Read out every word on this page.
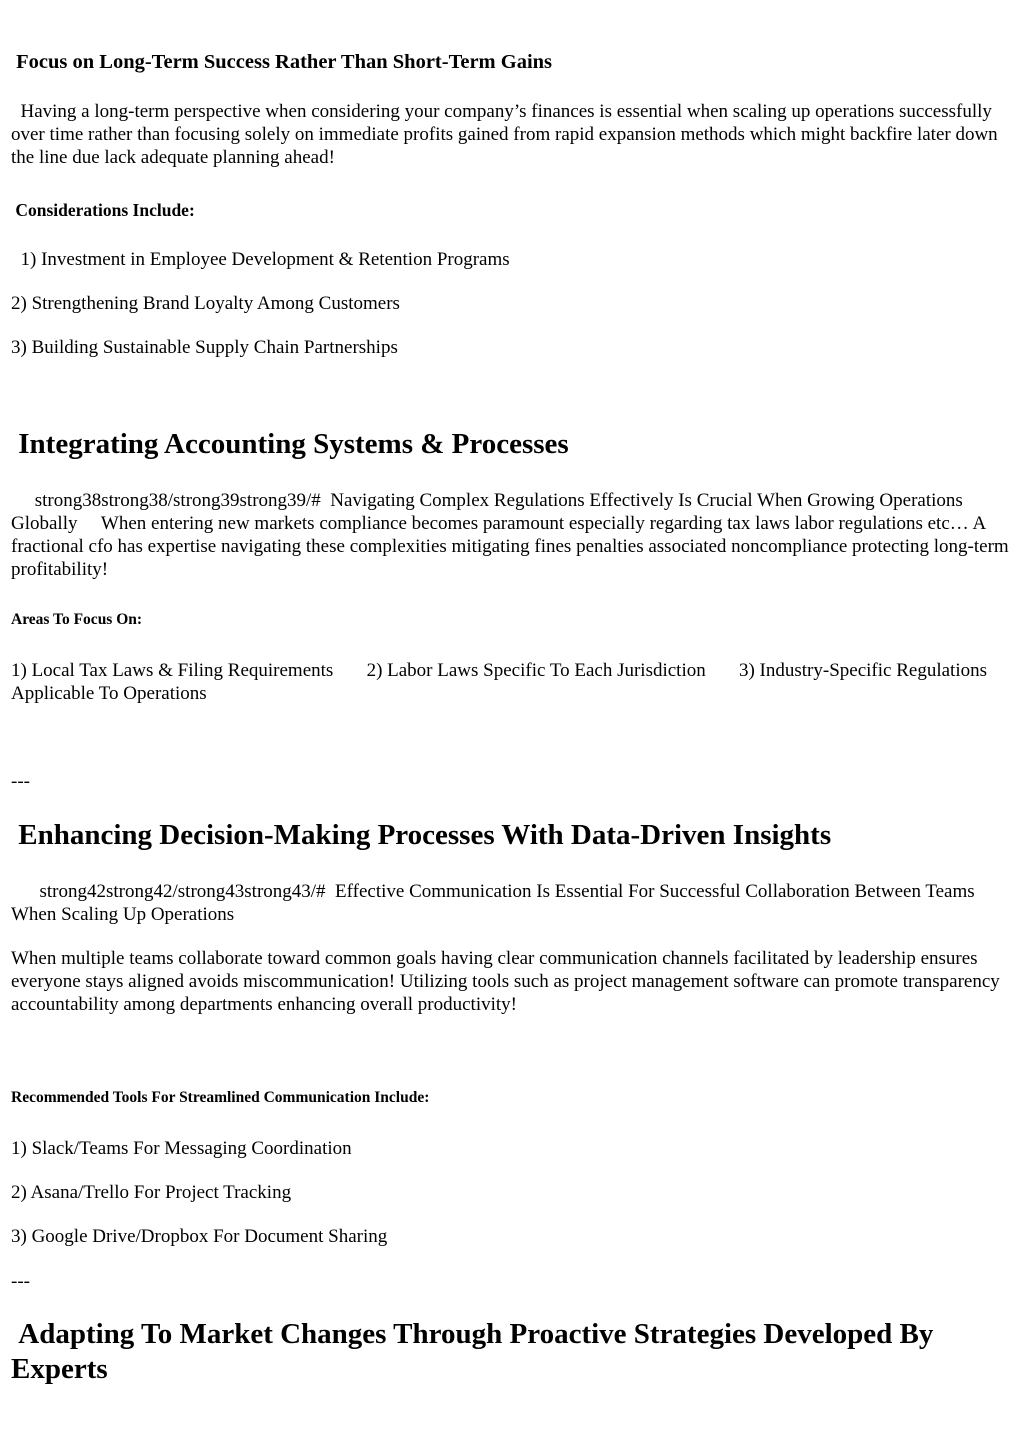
Focus on Long-Term Success Rather Than Short-Term Gains
Having a long-term perspective when considering your company’s finances is essential when scaling up operations successfully over time rather than focusing solely on immediate profits gained from rapid expansion methods which might backfire later down the line due lack adequate planning ahead!
Considerations Include:
1) Investment in Employee Development & Retention Programs
2) Strengthening Brand Loyalty Among Customers
3) Building Sustainable Supply Chain Partnerships
Integrating Accounting Systems & Processes
strong38strong38/strong39strong39/#  Navigating Complex Regulations Effectively Is Crucial When Growing Operations Globally     When entering new markets compliance becomes paramount especially regarding tax laws labor regulations etc… A fractional cfo has expertise navigating these complexities mitigating fines penalties associated noncompliance protecting long-term profitability!
Areas To Focus On:
1) Local Tax Laws & Filing Requirements       2) Labor Laws Specific To Each Jurisdiction       3) Industry-Specific Regulations Applicable To Operations
---
Enhancing Decision-Making Processes With Data-Driven Insights
strong42strong42/strong43strong43/#  Effective Communication Is Essential For Successful Collaboration Between Teams When Scaling Up Operations
When multiple teams collaborate toward common goals having clear communication channels facilitated by leadership ensures everyone stays aligned avoids miscommunication! Utilizing tools such as project management software can promote transparency accountability among departments enhancing overall productivity!
Recommended Tools For Streamlined Communication Include:
1) Slack/Teams For Messaging Coordination
2) Asana/Trello For Project Tracking
3) Google Drive/Dropbox For Document Sharing
---
Adapting To Market Changes Through Proactive Strategies Developed By Experts
